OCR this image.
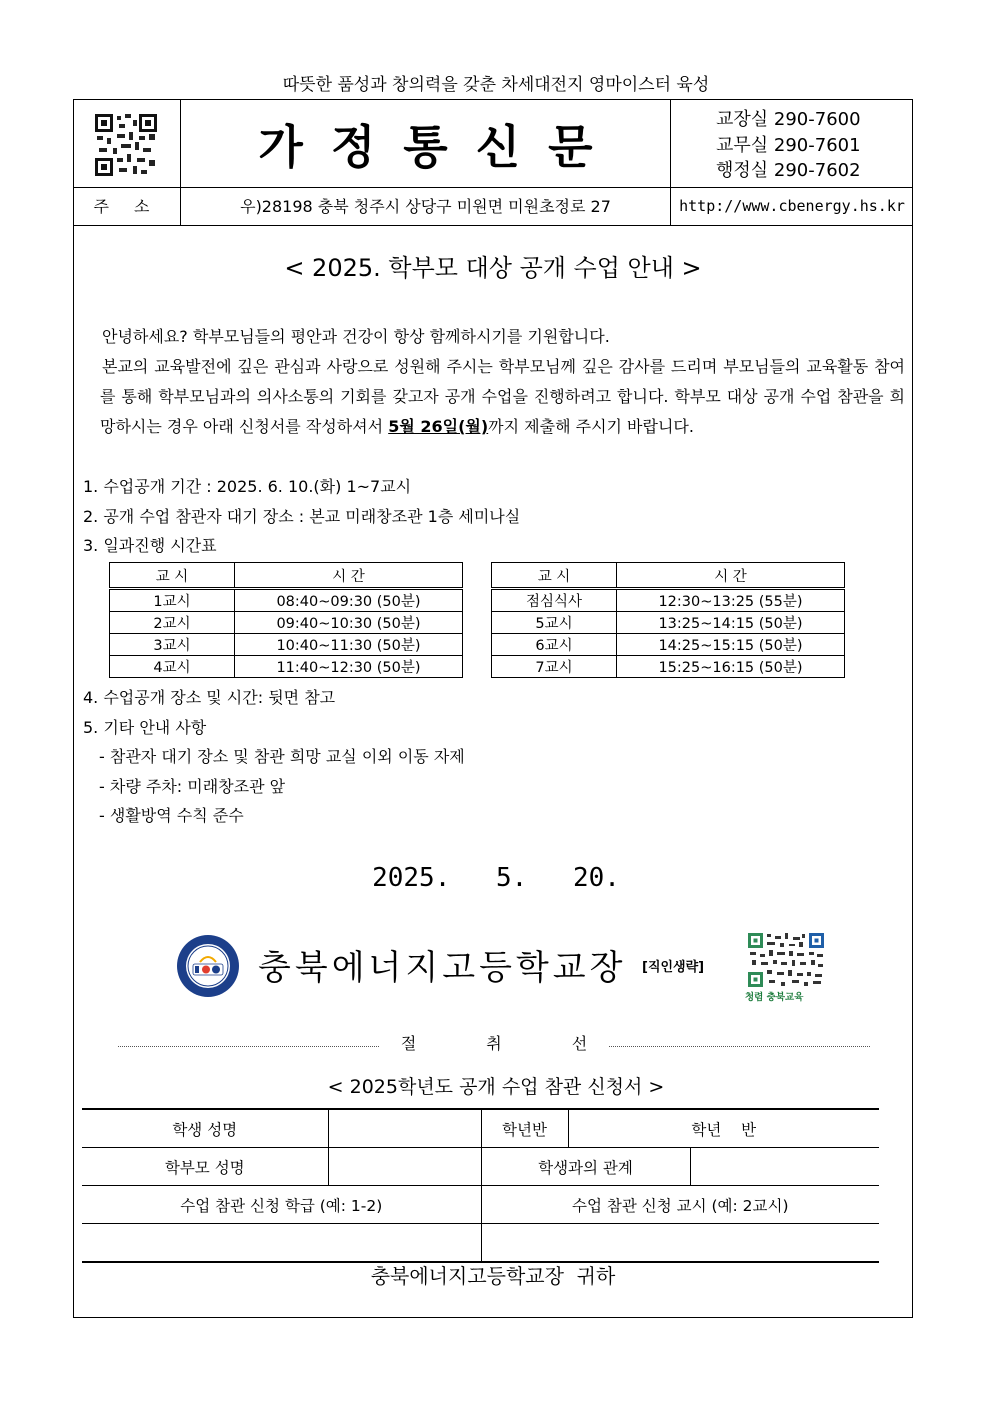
따뜻한 품성과 창의력을 갖춘 차세대전지 영마이스터 육성
가정통신문
교장실 290-7600
교무실 290-7601
행정실 290-7602
주 소	우)28198 충북 청주시 상당구 미원면 미원초정로 27	http://www.cbenergy.hs.kr
< 2025. 학부모 대상 공개 수업 안내 >

안녕하세요? 학부모님들의 평안과 건강이 항상 함께하시기를 기원합니다.

본교의 교육발전에 깊은 관심과 사랑으로 성원해 주시는 학부모님께 깊은 감사를 드리며 부모님들의 교육활동 참여를 통해 학부모님과의 의사소통의 기회를 갖고자 공개 수업을 진행하려고 합니다. 학부모 대상 공개 수업 참관을 희망하시는 경우 아래 신청서를 작성하셔서 5월 26일(월)까지 제출해 주시기 바랍니다.

1. 수업공개 기간 : 2025. 6. 10.(화) 1~7교시
2. 공개 수업 참관자 대기 장소 : 본교 미래창조관 1층 세미나실
3. 일과진행 시간표
교 시	시 간
1교시	08:40~09:30 (50분)
2교시	09:40~10:30 (50분)
3교시	10:40~11:30 (50분)
4교시	11:40~12:30 (50분)
교 시	시 간
점심식사	12:30~13:25 (55분)
5교시	13:25~14:15 (50분)
6교시	14:25~15:15 (50분)
7교시	15:25~16:15 (50분)
4. 수업공개 장소 및 시간: 뒷면 참고
5. 기타 안내 사항
- 참관자 대기 장소 및 참관 희망 교실 이외 이동 자제
- 차량 주차: 미래창조관 앞
- 생활방역 수칙 준수
2025. 5. 20.
충북에너지고등학교장 [직인생략]
청렴 충북교육
절취선
< 2025학년도 공개 수업 참관 신청서 >
학생 성명		학년반	학년    반	
학부모 성명		학생과의 관계		
수업 참관 신청 학급 (예: 1-2)		수업 참관 신청 교시 (예: 2교시)		

충북에너지고등학교장  귀하
